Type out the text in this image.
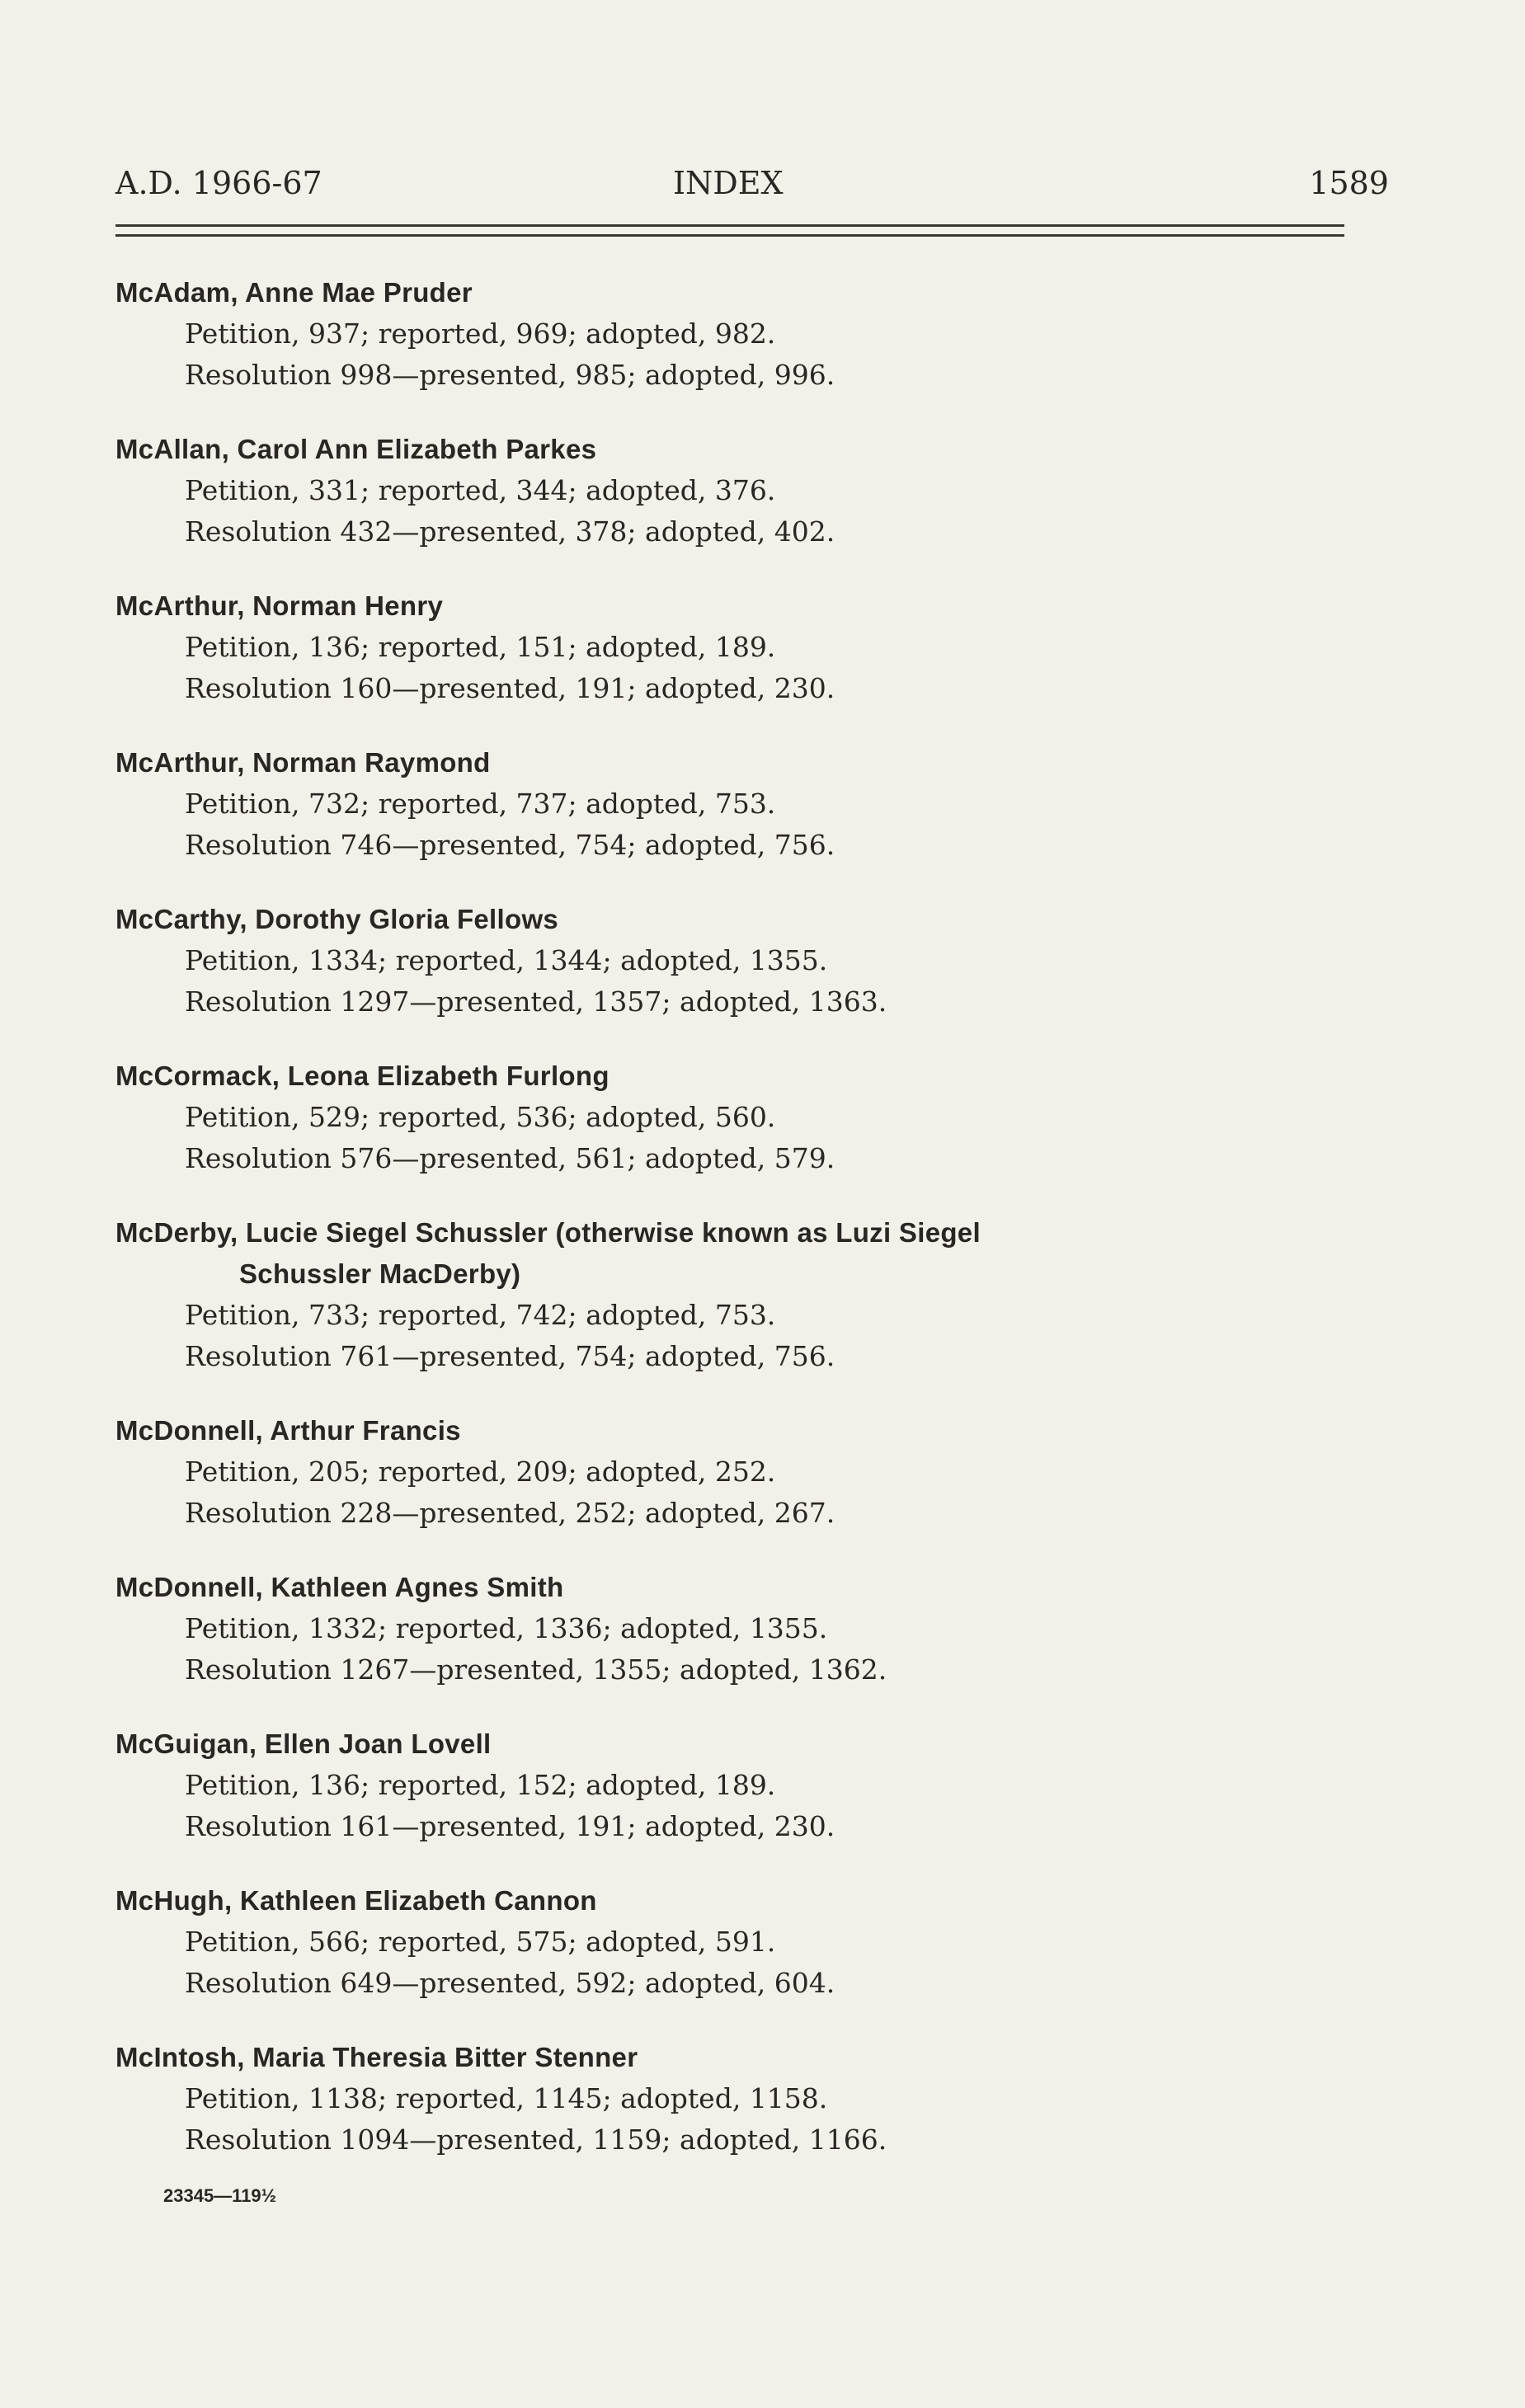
A.D. 1966-67	INDEX	1589
McAdam, Anne Mae Pruder
Petition, 937; reported, 969; adopted, 982.
Resolution 998—presented, 985; adopted, 996.
McAllan, Carol Ann Elizabeth Parkes
Petition, 331; reported, 344; adopted, 376.
Resolution 432—presented, 378; adopted, 402.
McArthur, Norman Henry
Petition, 136; reported, 151; adopted, 189.
Resolution 160—presented, 191; adopted, 230.
McArthur, Norman Raymond
Petition, 732; reported, 737; adopted, 753.
Resolution 746—presented, 754; adopted, 756.
McCarthy, Dorothy Gloria Fellows
Petition, 1334; reported, 1344; adopted, 1355.
Resolution 1297—presented, 1357; adopted, 1363.
McCormack, Leona Elizabeth Furlong
Petition, 529; reported, 536; adopted, 560.
Resolution 576—presented, 561; adopted, 579.
McDerby, Lucie Siegel Schussler (otherwise known as Luzi Siegel
Schussler MacDerby)
Petition, 733; reported, 742; adopted, 753.
Resolution 761—presented, 754; adopted, 756.
McDonnell, Arthur Francis
Petition, 205; reported, 209; adopted, 252.
Resolution 228—presented, 252; adopted, 267.
McDonnell, Kathleen Agnes Smith
Petition, 1332; reported, 1336; adopted, 1355.
Resolution 1267—presented, 1355; adopted, 1362.
McGuigan, Ellen Joan Lovell
Petition, 136; reported, 152; adopted, 189.
Resolution 161—presented, 191; adopted, 230.
McHugh, Kathleen Elizabeth Cannon
Petition, 566; reported, 575; adopted, 591.
Resolution 649—presented, 592; adopted, 604.
McIntosh, Maria Theresia Bitter Stenner
Petition, 1138; reported, 1145; adopted, 1158.
Resolution 1094—presented, 1159; adopted, 1166.
23345—119½
